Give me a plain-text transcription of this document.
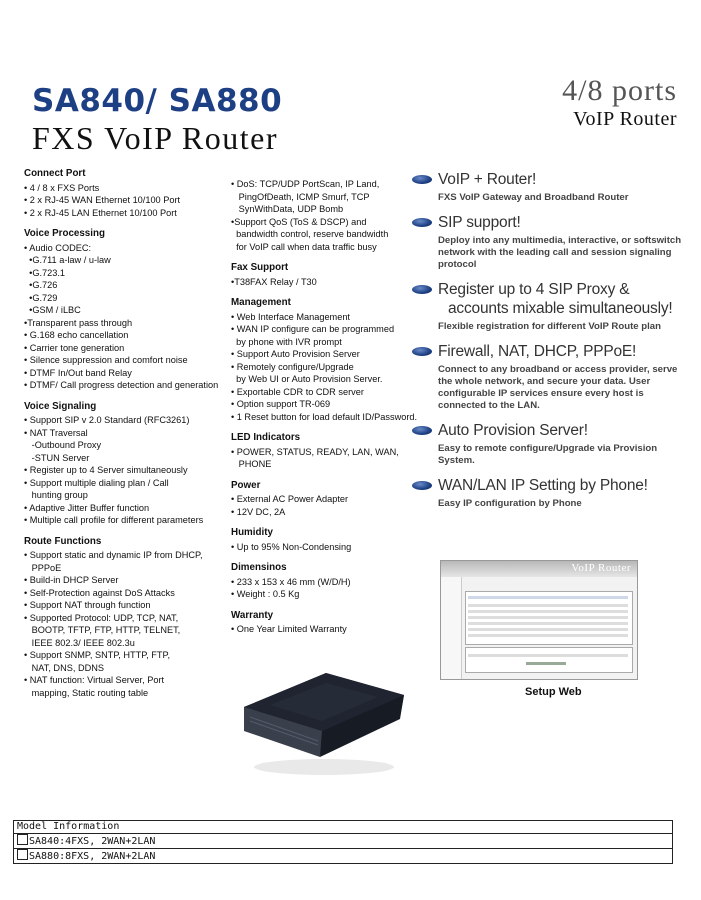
SA840/ SA880
FXS VoIP Router
4/8 ports
VoIP Router
Connect Port
• 4 / 8 x FXS Ports
• 2 x RJ-45 WAN Ethernet 10/100 Port
• 2 x RJ-45 LAN Ethernet 10/100 Port
Voice Processing
• Audio CODEC:
•G.711 a-law / u-law
•G.723.1
•G.726
•G.729
•GSM / iLBC
•Transparent pass through
• G.168 echo cancellation
• Carrier tone generation
• Silence suppression and comfort noise
• DTMF In/Out band Relay
• DTMF/ Call progress detection and generation
Voice Signaling
• Support SIP v 2.0 Standard (RFC3261)
• NAT Traversal
-Outbound Proxy
-STUN Server
• Register up to 4 Server simultaneously
• Support multiple dialing plan / Call
hunting group
• Adaptive Jitter Buffer function
• Multiple call profile for different parameters
Route Functions
• Support static and dynamic IP from DHCP,
PPPoE
• Build-in DHCP Server
• Self-Protection against DoS Attacks
• Support NAT through function
• Supported Protocol: UDP, TCP, NAT,
BOOTP, TFTP, FTP, HTTP, TELNET,
IEEE 802.3/ IEEE 802.3u
• Support SNMP, SNTP, HTTP, FTP,
NAT, DNS, DDNS
• NAT function: Virtual Server, Port
mapping, Static routing table
• DoS: TCP/UDP PortScan, IP Land,
PingOfDeath, ICMP Smurf, TCP
SynWithData, UDP Bomb
•Support QoS (ToS & DSCP) and
bandwidth control, reserve bandwidth
for VoIP call when data traffic busy
Fax Support
•T38FAX Relay / T30
Management
• Web Interface Management
• WAN IP configure can be programmed
by phone with IVR prompt
• Support Auto Provision Server
• Remotely configure/Upgrade
by Web UI or Auto Provision Server.
• Exportable CDR to CDR server
• Option support TR-069
• 1 Reset button for load default ID/Password.
LED Indicators
• POWER, STATUS, READY, LAN, WAN,
PHONE
Power
• External AC Power Adapter
• 12V DC, 2A
Humidity
• Up to 95% Non-Condensing
Dimensinos
• 233 x 153 x 46 mm (W/D/H)
• Weight : 0.5 Kg
Warranty
• One Year Limited Warranty
VoIP + Router!
FXS VoIP Gateway and Broadband Router
SIP support!
Deploy into any multimedia, interactive, or softswitch network with the leading call and session signaling protocol
Register up to 4 SIP Proxy &
accounts mixable simultaneously!
Flexible registration for different VoIP Route plan
Firewall, NAT, DHCP, PPPoE!
Connect to any broadband or access provider, serve the whole network, and secure your data. User configurable IP services ensure every host is connected to the LAN.
Auto Provision Server!
Easy to remote configure/Upgrade via Provision System.
WAN/LAN IP Setting by Phone!
Easy IP configuration by Phone
VoIP Router
Setup Web
Model Information
SA840:4FXS, 2WAN+2LAN
SA880:8FXS, 2WAN+2LAN
